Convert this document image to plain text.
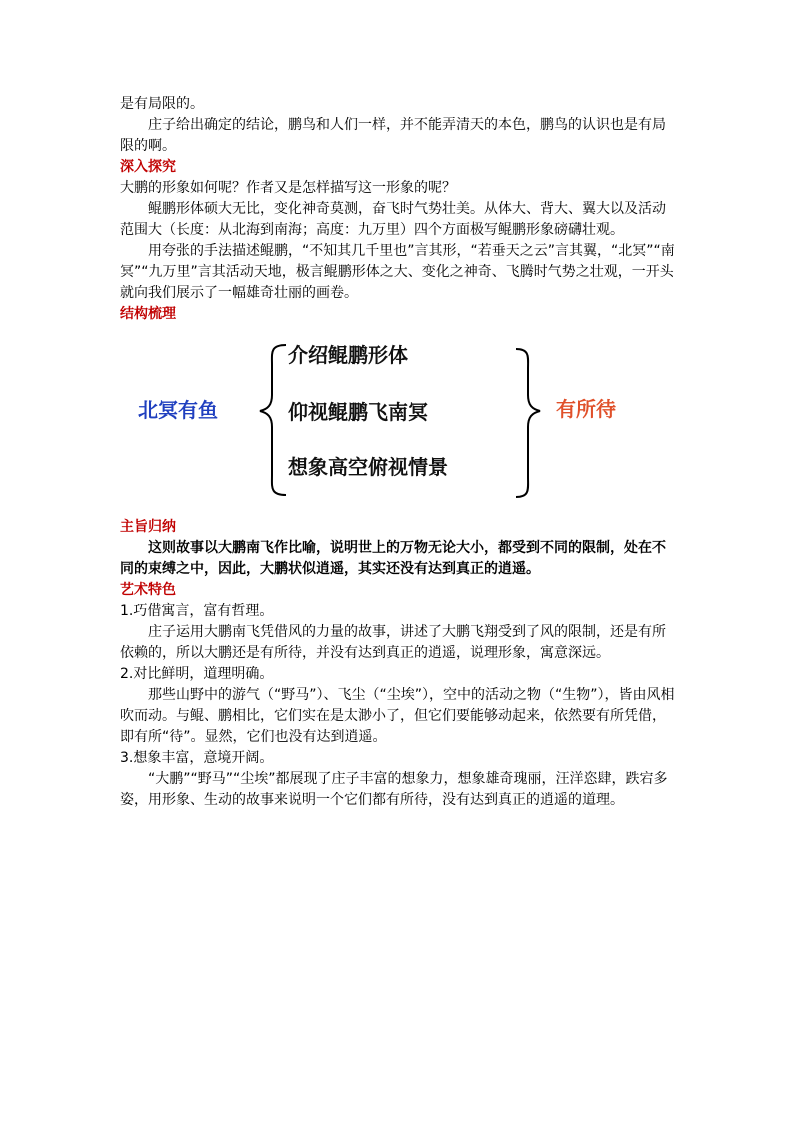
是有局限的。

庄子给出确定的结论，鹏鸟和人们一样，并不能弄清天的本色，鹏鸟的认识也是有局限的啊。

深入探究

大鹏的形象如何呢？作者又是怎样描写这一形象的呢？

鲲鹏形体硕大无比，变化神奇莫测，奋飞时气势壮美。从体大、背大、翼大以及活动范围大（长度：从北海到南海；高度：九万里）四个方面极写鲲鹏形象磅礴壮观。

用夸张的手法描述鲲鹏，“不知其几千里也”言其形，“若垂天之云”言其翼，“北冥”“南冥”“九万里”言其活动天地，极言鲲鹏形体之大、变化之神奇、飞腾时气势之壮观，一开头就向我们展示了一幅雄奇壮丽的画卷。

结构梳理

北冥有鱼
介绍鲲鹏形体
仰视鲲鹏飞南冥
想象高空俯视情景
有所待

主旨归纳

这则故事以大鹏南飞作比喻，说明世上的万物无论大小，都受到不同的限制，处在不同的束缚之中，因此，大鹏状似逍遥，其实还没有达到真正的逍遥。

艺术特色

1.巧借寓言，富有哲理。

庄子运用大鹏南飞凭借风的力量的故事，讲述了大鹏飞翔受到了风的限制，还是有所依赖的，所以大鹏还是有所待，并没有达到真正的逍遥，说理形象，寓意深远。

2.对比鲜明，道理明确。

那些山野中的游气（“野马”）、飞尘（“尘埃”），空中的活动之物（“生物”），皆由风相吹而动。与鲲、鹏相比，它们实在是太渺小了，但它们要能够动起来，依然要有所凭借，即有所“待”。显然，它们也没有达到逍遥。

3.想象丰富，意境开阔。

“大鹏”“野马”“尘埃”都展现了庄子丰富的想象力，想象雄奇瑰丽，汪洋恣肆，跌宕多姿，用形象、生动的故事来说明一个它们都有所待，没有达到真正的逍遥的道理。
